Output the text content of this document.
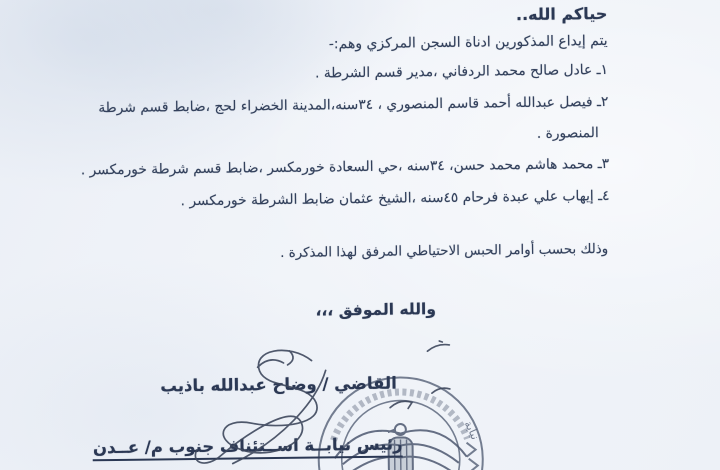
حياكم الله..
يتم إيداع المذكورين ادناة السجن المركزي وهم:-
١ـ عادل صالح محمد الردفاني ،مدير قسم الشرطة .
٢ـ فيصل عبدالله أحمد قاسم المنصوري ، ٣٤سنه،المدينة الخضراء لحج ،ضابط قسم شرطة
المنصورة .
٣ـ محمد هاشم محمد حسن، ٣٤سنه ،حي السعادة خورمكسر ،ضابط قسم شرطة خورمكسر .
٤ـ إيهاب علي عبدة فرحام ٤٥سنه ،الشيخ عثمان ضابط الشرطة خورمكسر .
وذلك بحسب أوامر الحبس الاحتياطي المرفق لهذا المذكرة .
والله الموفق ،،،
القاضي / وضاح عبدالله باذيب
رئيس نيابــة اســتئناف جنوب م/ عــدن
نيابة
